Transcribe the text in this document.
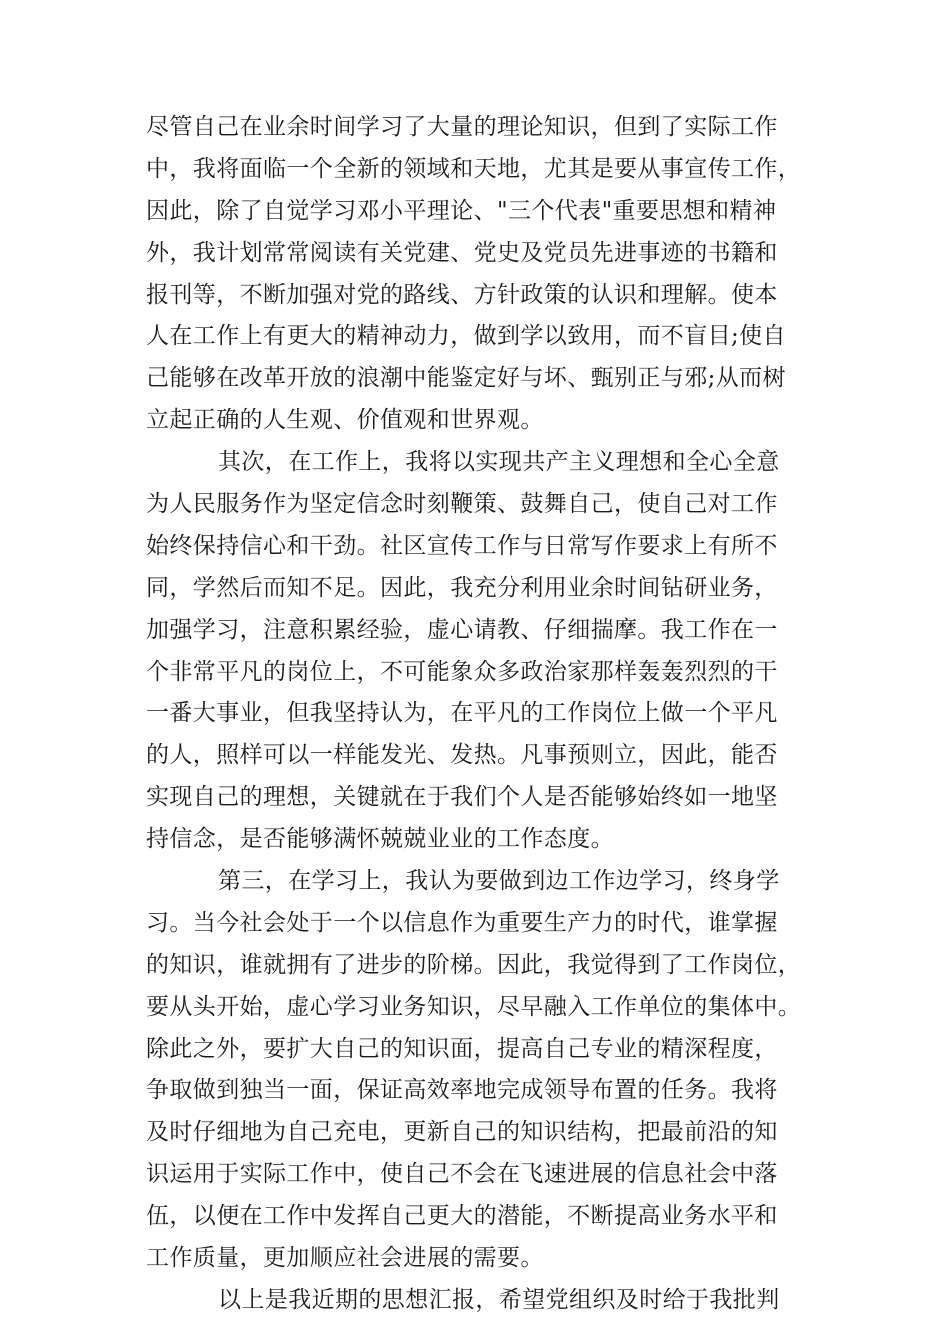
尽管自己在业余时间学习了大量的理论知识，但到了实际工作
中，我将面临一个全新的领域和天地，尤其是要从事宣传工作，
因此，除了自觉学习邓小平理论、"三个代表"重要思想和精神
外，我计划常常阅读有关党建、党史及党员先进事迹的书籍和
报刊等，不断加强对党的路线、方针政策的认识和理解。使本
人在工作上有更大的精神动力，做到学以致用，而不盲目;使自
己能够在改革开放的浪潮中能鉴定好与坏、甄别正与邪;从而树
立起正确的人生观、价值观和世界观。
其次，在工作上，我将以实现共产主义理想和全心全意
为人民服务作为坚定信念时刻鞭策、鼓舞自己，使自己对工作
始终保持信心和干劲。社区宣传工作与日常写作要求上有所不
同，学然后而知不足。因此，我充分利用业余时间钻研业务，
加强学习，注意积累经验，虚心请教、仔细揣摩。我工作在一
个非常平凡的岗位上，不可能象众多政治家那样轰轰烈烈的干
一番大事业，但我坚持认为，在平凡的工作岗位上做一个平凡
的人，照样可以一样能发光、发热。凡事预则立，因此，能否
实现自己的理想，关键就在于我们个人是否能够始终如一地坚
持信念，是否能够满怀兢兢业业的工作态度。
第三，在学习上，我认为要做到边工作边学习，终身学
习。当今社会处于一个以信息作为重要生产力的时代，谁掌握
的知识，谁就拥有了进步的阶梯。因此，我觉得到了工作岗位，
要从头开始，虚心学习业务知识，尽早融入工作单位的集体中。
除此之外，要扩大自己的知识面，提高自己专业的精深程度，
争取做到独当一面，保证高效率地完成领导布置的任务。我将
及时仔细地为自己充电，更新自己的知识结构，把最前沿的知
识运用于实际工作中，使自己不会在飞速进展的信息社会中落
伍，以便在工作中发挥自己更大的潜能，不断提高业务水平和
工作质量，更加顺应社会进展的需要。
以上是我近期的思想汇报，希望党组织及时给于我批判
